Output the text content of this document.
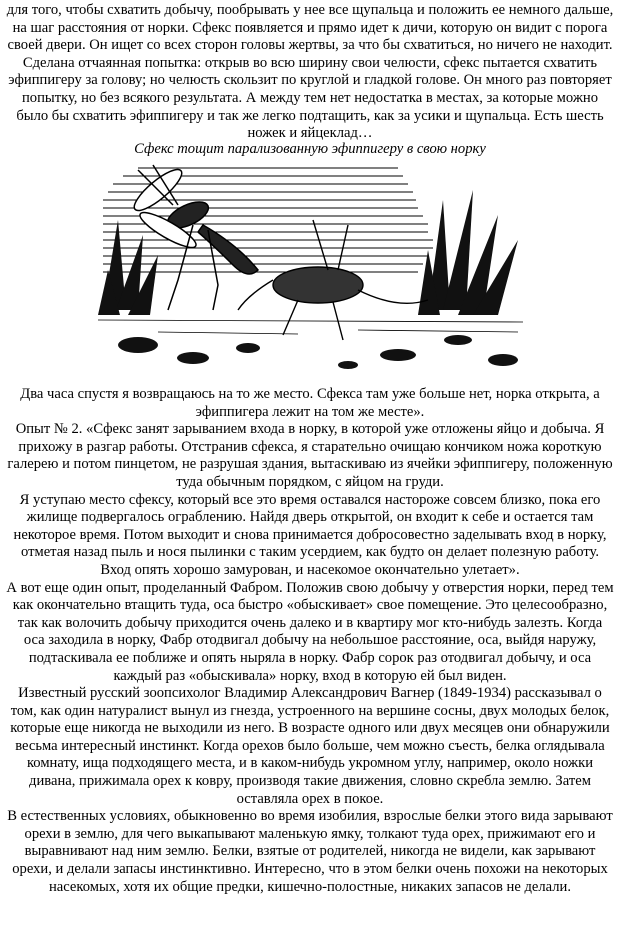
для того, чтобы схватить добычу, пообрывать у нее все щупальца и положить ее немного дальше, на шаг расстояния от норки. Сфекс появляется и прямо идет к дичи, которую он видит с порога своей двери. Он ищет со всех сторон головы жертвы, за что бы схватиться, но ничего не находит. Сделана отчаянная попытка: открыв во всю ширину свои челюсти, сфекс пытается схватить эфиппигеру за голову; но челюсть скользит по круглой и гладкой голове. Он много раз повторяет попытку, но без всякого результата. А между тем нет недостатка в местах, за которые можно было бы схватить эфиппигеру и так же легко подтащить, как за усики и щупальца. Есть шесть ножек и яйцеклад…

Сфекс тощит парализованную эфиппигеру в свою норку

Два часа спустя я возвращаюсь на то же место. Сфекса там уже больше нет, норка открыта, а эфиппигера лежит на том же месте».

Опыт № 2. «Сфекс занят зарыванием входа в норку, в которой уже отложены яйцо и добыча. Я прихожу в разгар работы. Отстранив сфекса, я старательно очищаю кончиком ножа короткую галерею и потом пинцетом, не разрушая здания, вытаскиваю из ячейки эфиппигеру, положенную туда обычным порядком, с яйцом на груди.

Я уступаю место сфексу, который все это время оставался настороже совсем близко, пока его жилище подвергалось ограблению. Найдя дверь открытой, он входит к себе и остается там некоторое время. Потом выходит и снова принимается добросовестно заделывать вход в норку, отметая назад пыль и нося пылинки с таким усердием, как будто он делает полезную работу. Вход опять хорошо замурован, и насекомое окончательно улетает».

А вот еще один опыт, проделанный Фабром. Положив свою добычу у отверстия норки, перед тем как окончательно втащить туда, оса быстро «обыскивает» свое помещение. Это целесообразно, так как волочить добычу приходится очень далеко и в квартиру мог кто-нибудь залезть. Когда оса заходила в норку, Фабр отодвигал добычу на небольшое расстояние, оса, выйдя наружу, подтаскивала ее поближе и опять ныряла в норку. Фабр сорок раз отодвигал добычу, и оса каждый раз «обыскивала» норку, вход в которую ей был виден.

Известный русский зоопсихолог Владимир Александрович Вагнер (1849-1934) рассказывал о том, как один натуралист вынул из гнезда, устроенного на вершине сосны, двух молодых белок, которые еще никогда не выходили из него. В возрасте одного или двух месяцев они обнаружили весьма интересный инстинкт. Когда орехов было больше, чем можно съесть, белка оглядывала комнату, ища подходящего места, и в каком-нибудь укромном углу, например, около ножки дивана, прижимала орех к ковру, производя такие движения, словно скребла землю. Затем оставляла орех в покое.

В естественных условиях, обыкновенно во время изобилия, взрослые белки этого вида зарывают орехи в землю, для чего выкапывают маленькую ямку, толкают туда орех, прижимают его и выравнивают над ним землю. Белки, взятые от родителей, никогда не видели, как зарывают орехи, и делали запасы инстинктивно. Интересно, что в этом белки очень похожи на некоторых насекомых, хотя их общие предки, кишечно-полостные, никаких запасов не делали.
